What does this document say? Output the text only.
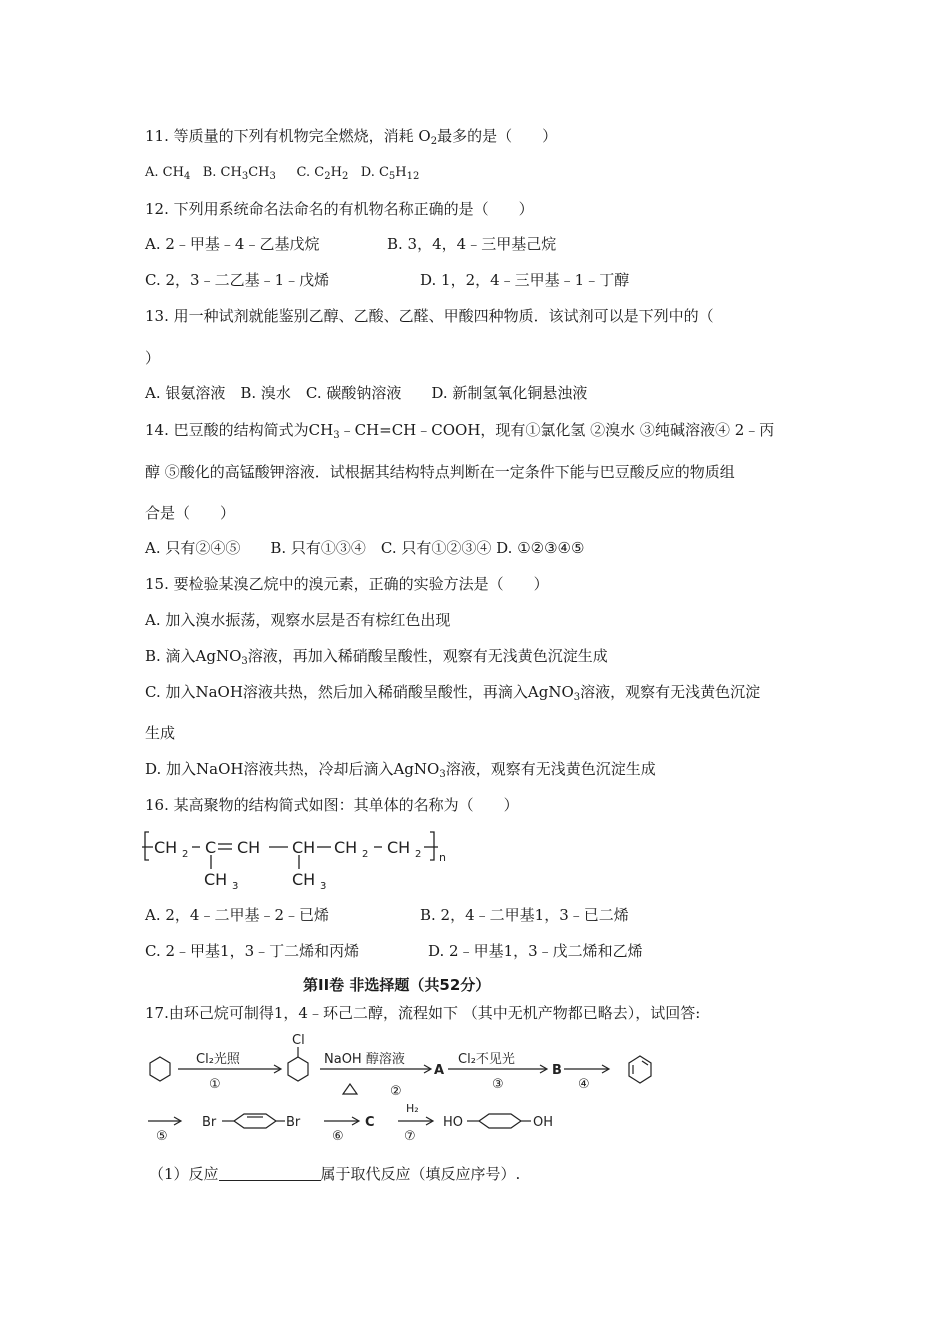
11. 等质量的下列有机物完全燃烧，消耗 $O_2$最多的是（　　）
A. $CH_4$ B. $CH_3CH_3$ C. $C_2H_2$ D. $C_5H_{12}$
12. 下列用系统命名法命名的有机物名称正确的是（　　）
A. 2﹣甲基﹣4﹣乙基戊烷	B. 3，4，4﹣三甲基己烷
C. 2，3﹣二乙基﹣1﹣戊烯	D. 1，2，4﹣三甲基﹣1﹣丁醇
13. 用一种试剂就能鉴别乙醇、乙酸、乙醛、甲酸四种物质．该试剂可以是下列中的（
）
A. 银氨溶液　B. 溴水　C. 碳酸钠溶液　　D. 新制氢氧化铜悬浊液
14. 巴豆酸的结构简式为$CH_3﹣CH=CH﹣COOH$，现有①氯化氢 ②溴水 ③纯碱溶液④ 2﹣丙
醇 ⑤酸化的高锰酸钾溶液．试根据其结构特点判断在一定条件下能与巴豆酸反应的物质组
合是（　　）
A. 只有②④⑤　　B. 只有①③④　C. 只有①②③④ D. ①②③④⑤
15. 要检验某溴乙烷中的溴元素，正确的实验方法是（　　）
A. 加入溴水振荡，观察水层是否有棕红色出现
B. 滴入AgNO$_3$溶液，再加入稀硝酸呈酸性，观察有无浅黄色沉淀生成
C. 加入NaOH溶液共热，然后加入稀硝酸呈酸性，再滴入AgNO$_3$溶液，观察有无浅黄色沉淀
生成
D. 加入NaOH溶液共热，冷却后滴入AgNO$_3$溶液，观察有无浅黄色沉淀生成
16. 某高聚物的结构简式如图：其单体的名称为（　　）
CH 2 C CH CH CH 2 CH 2 n
CH 3	CH 3
A. 2，4﹣二甲基﹣2﹣已烯	B. 2，4﹣二甲基1，3﹣已二烯
C. 2﹣甲基1，3﹣丁二烯和丙烯	D. 2﹣甲基1，3﹣戊二烯和乙烯
第II卷 非选择题（共52分）
17.由环己烷可制得1，4﹣环己二醇，流程如下 （其中无机产物都已略去），试回答:
Cl₂光照
①
Cl
NaOH 醇溶液
②
A
Cl₂不见光
③
B
④
⑤
Br	Br
⑥
C
H₂
⑦
HO	OH
（1）反应	属于取代反应（填反应序号）.
